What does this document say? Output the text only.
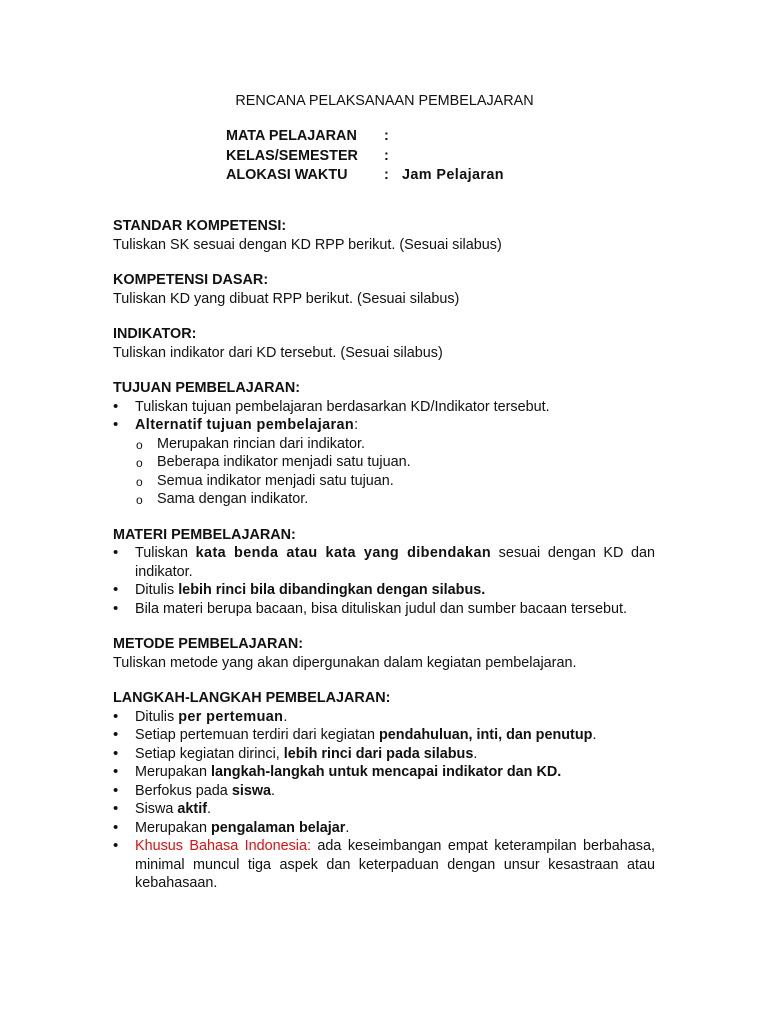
RENCANA PELAKSANAAN PEMBELAJARAN
MATA PELAJARAN	:
KELAS/SEMESTER	:
ALOKASI WAKTU	: Jam Pelajaran
STANDAR KOMPETENSI:
Tuliskan SK sesuai dengan KD RPP berikut. (Sesuai silabus)
KOMPETENSI DASAR:
Tuliskan KD yang dibuat RPP berikut. (Sesuai silabus)
INDIKATOR:
Tuliskan indikator dari KD tersebut. (Sesuai silabus)
TUJUAN PEMBELAJARAN:
•	Tuliskan tujuan pembelajaran berdasarkan KD/Indikator tersebut.
•	Alternatif tujuan pembelajaran:
o Merupakan rincian dari indikator.
o Beberapa indikator menjadi satu tujuan.
o Semua indikator menjadi satu tujuan.
o Sama dengan indikator.
MATERI PEMBELAJARAN:
•	Tuliskan kata benda atau kata yang dibendakan sesuai dengan KD dan indikator.
•	Ditulis lebih rinci bila dibandingkan dengan silabus.
•	Bila materi berupa bacaan, bisa dituliskan judul dan sumber bacaan tersebut.
METODE PEMBELAJARAN:
Tuliskan metode yang akan dipergunakan dalam kegiatan pembelajaran.
LANGKAH-LANGKAH PEMBELAJARAN:
•	Ditulis per pertemuan.
•	Setiap pertemuan terdiri dari kegiatan pendahuluan, inti, dan penutup.
•	Setiap kegiatan dirinci, lebih rinci dari pada silabus.
•	Merupakan langkah-langkah untuk mencapai indikator dan KD.
•	Berfokus pada siswa.
•	Siswa aktif.
•	Merupakan pengalaman belajar.
•	Khusus Bahasa Indonesia: ada keseimbangan empat keterampilan berbahasa, minimal muncul tiga aspek dan keterpaduan dengan unsur kesastraan atau kebahasaan.
